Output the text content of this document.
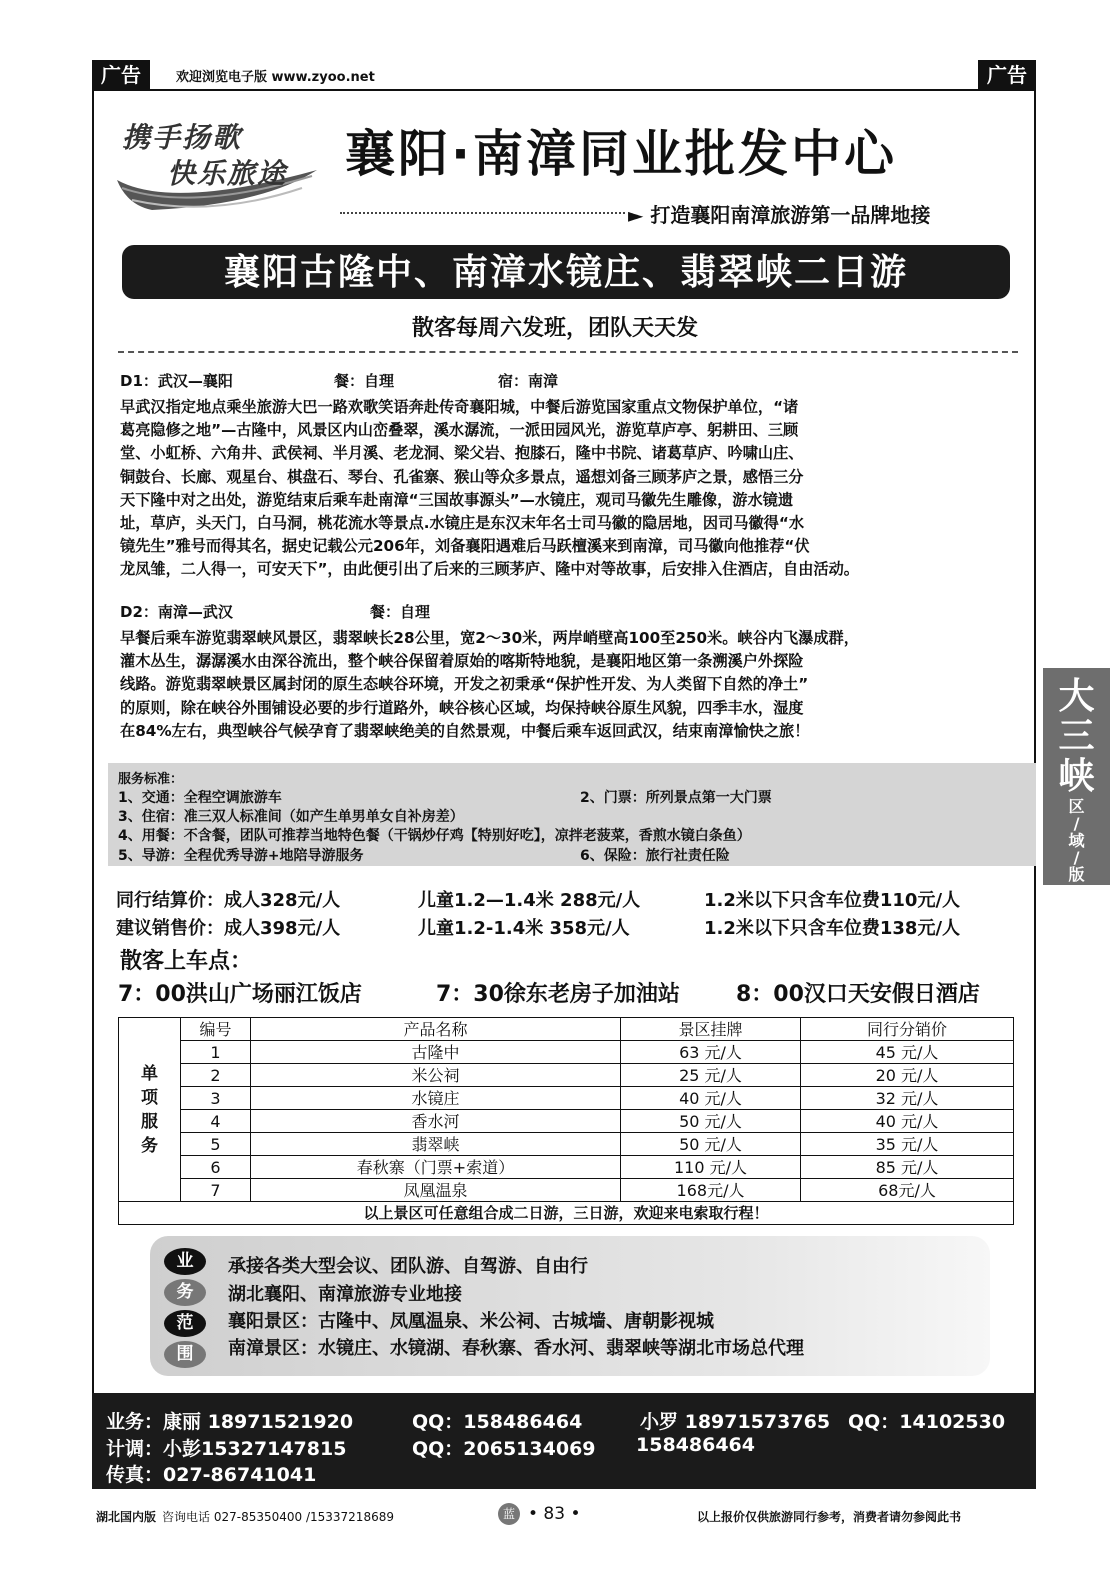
广告	欢迎浏览电子版 www.zyoo.net	广告
携手扬歌
快乐旅途 襄阳·南漳同业批发中心
► 打造襄阳南漳旅游第一品牌地接
襄阳古隆中、南漳水镜庄、翡翠峡二日游
散客每周六发班，团队天天发
D1：武汉—襄阳	餐：自理	宿：南漳
早武汉指定地点乘坐旅游大巴一路欢歌笑语奔赴传奇襄阳城，中餐后游览国家重点文物保护单位，“诸
葛亮隐修之地”—古隆中，风景区内山峦叠翠，溪水潺流，一派田园风光，游览草庐亭、躬耕田、三顾
堂、小虹桥、六角井、武侯祠、半月溪、老龙洞、梁父岩、抱膝石，隆中书院、诸葛草庐、吟啸山庄、
铜鼓台、长廊、观星台、棋盘石、琴台、孔雀寨、猴山等众多景点，遥想刘备三顾茅庐之景，感悟三分
天下隆中对之出处，游览结束后乘车赴南漳“三国故事源头”—水镜庄，观司马徽先生雕像，游水镜遗
址，草庐，头天门，白马洞，桃花流水等景点.水镜庄是东汉末年名士司马徽的隐居地，因司马徽得“水
镜先生”雅号而得其名，据史记载公元206年，刘备襄阳遇难后马跃檀溪来到南漳，司马徽向他推荐“伏
龙凤雏，二人得一，可安天下”，由此便引出了后来的三顾茅庐、隆中对等故事，后安排入住酒店，自由活动。
D2：南漳—武汉	餐：自理
早餐后乘车游览翡翠峡风景区，翡翠峡长28公里，宽2～30米，两岸峭壁高100至250米。峡谷内飞瀑成群，
灌木丛生，潺潺溪水由深谷流出，整个峡谷保留着原始的喀斯特地貌，是襄阳地区第一条溯溪户外探险
线路。游览翡翠峡景区属封闭的原生态峡谷环境，开发之初秉承“保护性开发、为人类留下自然的净土”
的原则，除在峡谷外围铺设必要的步行道路外，峡谷核心区域，均保持峡谷原生风貌，四季丰水，湿度
在84%左右，典型峡谷气候孕育了翡翠峡绝美的自然景观，中餐后乘车返回武汉，结束南漳愉快之旅！
服务标准：
1、交通：全程空调旅游车	2、门票：所列景点第一大门票
3、住宿：准三双人标准间（如产生单男单女自补房差）
4、用餐：不含餐，团队可推荐当地特色餐（干锅炒仔鸡【特别好吃】，凉拌老菠菜，香煎水镜白条鱼）
5、导游：全程优秀导游+地陪导游服务	6、保险：旅行社责任险
同行结算价：成人328元/人	儿童1.2—1.4米 288元/人	1.2米以下只含车位费110元/人
建议销售价：成人398元/人	儿童1.2-1.4米 358元/人	1.2米以下只含车位费138元/人
散客上车点：
7：00洪山广场丽江饭店	7：30徐东老房子加油站	8：00汉口天安假日酒店
单
项
服
务	编号	产品名称	景区挂牌	同行分销价
	1	古隆中	63 元/人	45 元/人
	2	米公祠	25 元/人	20 元/人
	3	水镜庄	40 元/人	32 元/人
	4	香水河	50 元/人	40 元/人
	5	翡翠峡	50 元/人	35 元/人
	6	春秋寨（门票+索道）	110 元/人	85 元/人
	7	凤凰温泉	168元/人	68元/人
以上景区可任意组合成二日游，三日游，欢迎来电索取行程！				
业
务
范
围
承接各类大型会议、团队游、自驾游、自由行
湖北襄阳、南漳旅游专业地接
襄阳景区：古隆中、凤凰温泉、米公祠、古城墙、唐朝影视城
南漳景区：水镜庄、水镜湖、春秋寨、香水河、翡翠峡等湖北市场总代理
业务：康丽 18971521920	QQ：158486464	小罗 18971573765 QQ：14102530
计调：小彭15327147815	QQ：2065134069 158486464
传真：027-86741041
湖北国内版 咨询电话 027-85350400 /15337218689	蓝 • 83 •	以上报价仅供旅游同行参考，消费者请勿参阅此书
大
三
峡
区
/
域
/
版
